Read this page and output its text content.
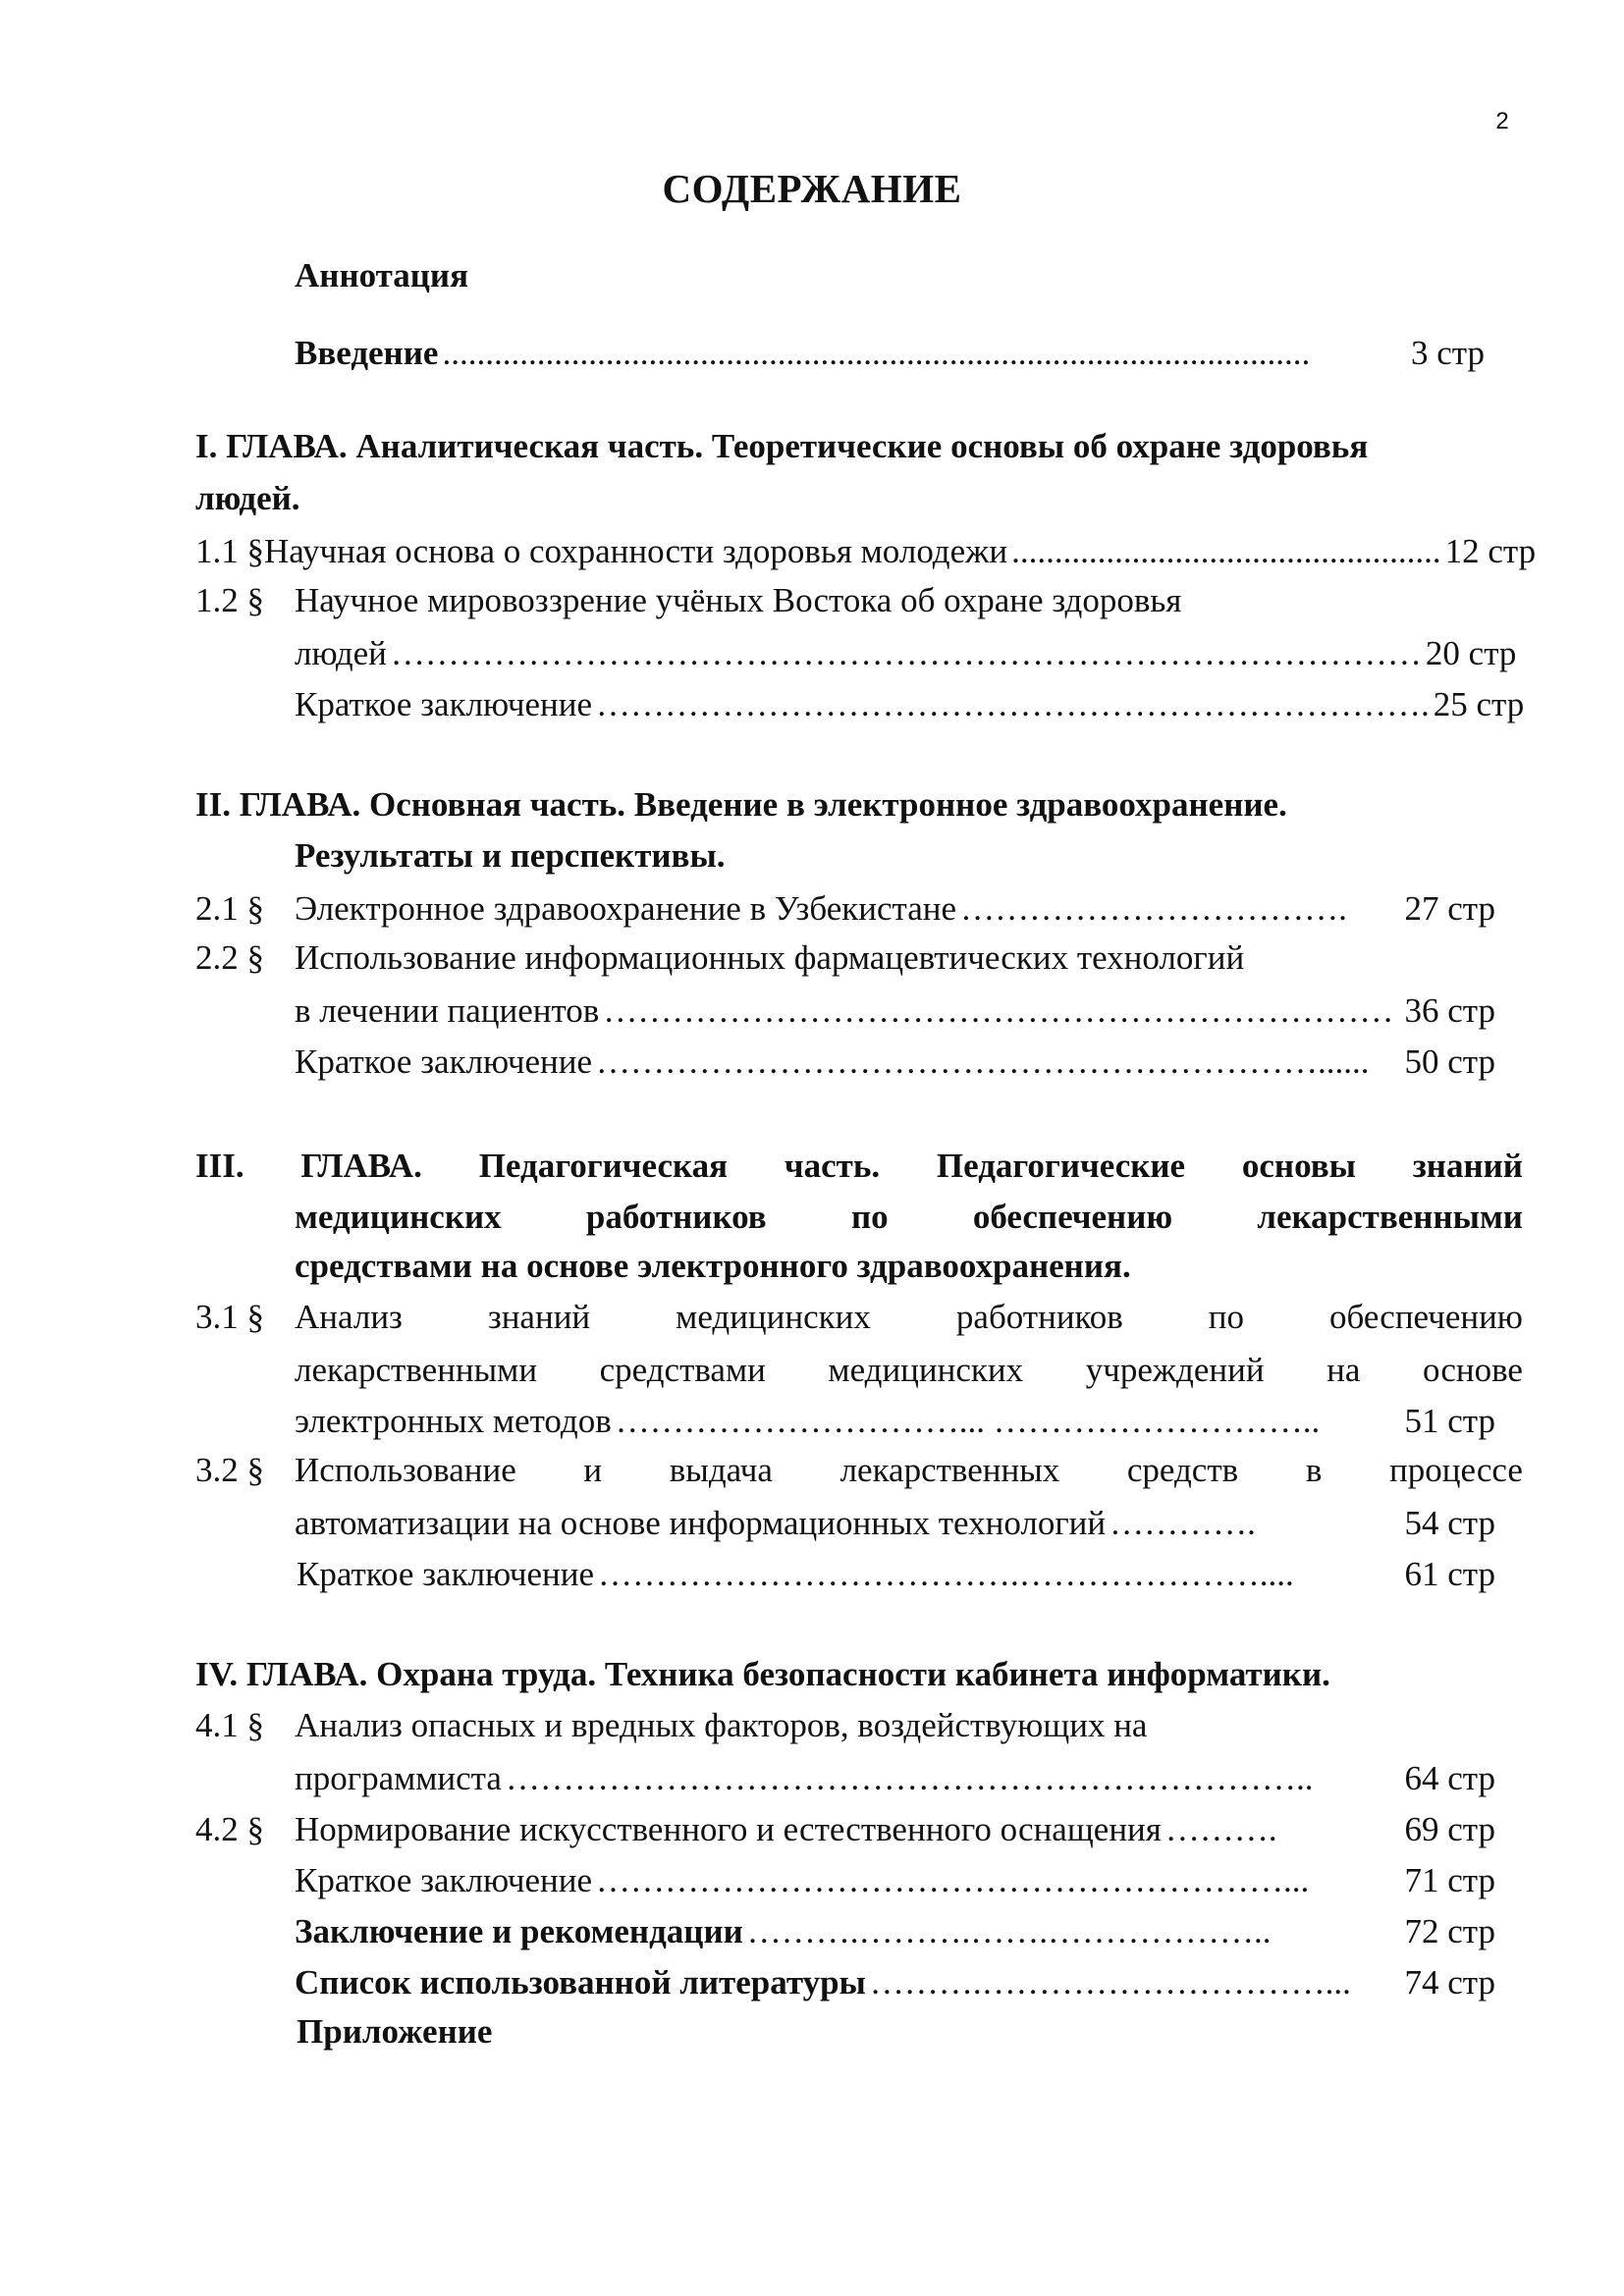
2
СОДЕРЖАНИЕ
Аннотация
Введение .....................................................................................................	3 стр
I. ГЛАВА. Аналитическая часть. Теоретические основы об охране здоровья
людей.
1.1 § Научная основа о сохранности здоровья молодежи .................................................. 12 стр
1.2 § Научное мировоззрение учёных Востока об охране здоровья
людей ……………………………………………………………………………… 20 стр
Краткое заключение ………………………………………………………………. 25 стр
II. ГЛАВА. Основная часть. Введение в электронное здравоохранение.
Результаты и перспективы.
2.1 § Электронное здравоохранение в Узбекистане …………………………….	27 стр
2.2 § Использование информационных фармацевтических технологий
в лечении пациентов …………………………………………………………… 36 стр
Краткое заключение ………………………………………………………......	50 стр
III. ГЛАВА. Педагогическая часть. Педагогические основы знаний
медицинских работников по обеспечению лекарственными
средствами на основе электронного здравоохранения.
3.1 § Анализ знаний медицинских работников по обеспечению
лекарственными средствами медицинских учреждений на основе
электронных методов …………………………... ………………………..	51 стр
3.2 § Использование и выдача лекарственных средств в процессе
автоматизации на основе информационных технологий ………….	54 стр
Краткое заключение ……………………………….…………………....	61 стр
IV. ГЛАВА. Охрана труда. Техника безопасности кабинета информатики.
4.1 § Анализ опасных и вредных факторов, воздействующих на
программиста ……………………………………………………………..	64 стр
4.2 § Нормирование искусственного и естественного оснащения ……….	69 стр
Краткое заключение ……………………………………………………...	71 стр
Заключение и рекомендации ……….……….…….………………..	72 стр
Список использованной литературы ……….…………………………...	74 стр
Приложение
